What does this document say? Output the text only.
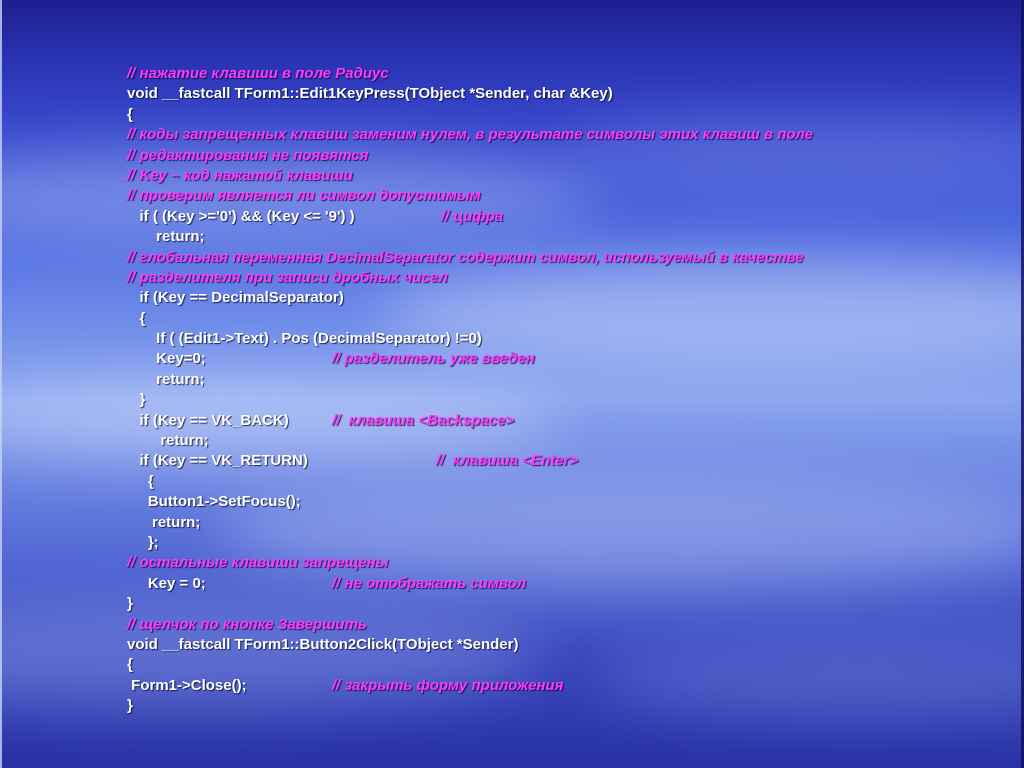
// нажатие клавиши в поле Радиус
void __fastcall TForm1::Edit1KeyPress(TObject *Sender, char &Key)
{
// коды запрещенных клавиш заменим нулем, в результате символы этих клавиш в поле
// редактирования не появятся
// Key – код нажатой клавиши
// проверим является ли символ допустимым
if ( (Key >='0') && (Key <= '9') )	// цифра
return;
// глобальная переменная DecimalSeparator содержит символ, используемый в качестве
// разделителя при записи дробных чисел
if (Key == DecimalSeparator)
{
If ( (Edit1->Text) . Pos (DecimalSeparator) !=0)
Key=0;	// разделитель уже введен
return;
}
if (Key == VK_BACK)	//  клавиша <Backspace>
return;
if (Key == VK_RETURN)	//  клавиша <Enter>
{
Button1->SetFocus();
return;
};
// остальные клавиши запрещены
Key = 0;	// не отображать символ
}
// щелчок по кнопке Завершить
void __fastcall TForm1::Button2Click(TObject *Sender)
{
Form1->Close();	// закрыть форму приложения
}
